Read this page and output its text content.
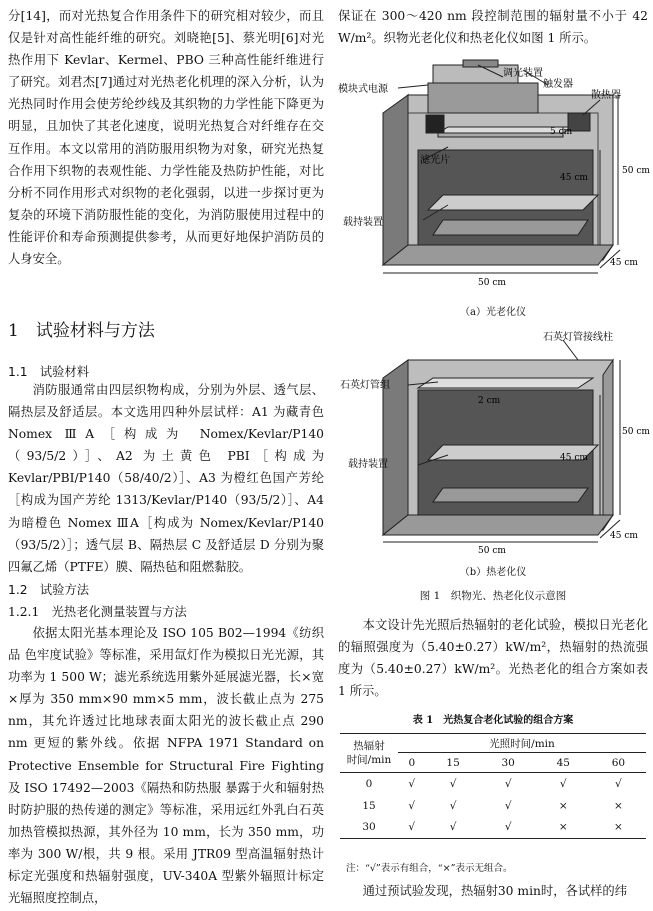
分[14]，而对光热复合作用条件下的研究相对较少，而且仅是针对高性能纤维的研究。刘晓艳[5]、蔡光明[6]对光热作用下 Kevlar、Kermel、PBO 三种高性能纤维进行了研究。刘君杰[7]通过对光热老化机理的深入分析，认为光热同时作用会使芳纶纱线及其织物的力学性能下降更为明显，且加快了其老化速度，说明光热复合对纤维存在交互作用。本文以常用的消防服用织物为对象，研究光热复合作用下织物的表观性能、力学性能及热防护性能，对比分析不同作用形式对织物的老化强弱，以进一步探讨更为复杂的环境下消防服性能的变化，为消防服使用过程中的性能评价和寿命预测提供参考，从而更好地保护消防员的人身安全。

1　试验材料与方法

1.1　试验材料

消防服通常由四层织物构成，分别为外层、透气层、隔热层及舒适层。本文选用四种外层试样：A1 为藏青色 Nomex ⅢA［构成为 Nomex/Kevlar/P140（93/5/2）］、A2 为土黄色 PBI［构成为 Kevlar/PBI/P140（58/40/2）］、A3 为橙红色国产芳纶［构成为国产芳纶 1313/Kevlar/P140（93/5/2）］、A4 为暗橙色 Nomex ⅢA［构成为 Nomex/Kevlar/P140（93/5/2）］；透气层 B、隔热层 C 及舒适层 D 分别为聚四氟乙烯（PTFE）膜、隔热毡和阻燃黏胶。

1.2　试验方法

1.2.1　光热老化测量装置与方法

依据太阳光基本理论及 ISO 105 B02—1994《纺织品 色牢度试验》等标准，采用氙灯作为模拟日光光源，其功率为 1 500 W；滤光系统选用紫外延展滤光器，长×宽×厚为 350 mm×90 mm×5 mm，波长截止点为 275 nm，其允许透过比地球表面太阳光的波长截止点 290 nm 更短的紫外线。依据 NFPA 1971 Standard on Protective Ensemble for Structural Fire Fighting 及 ISO 17492—2003《隔热和防热服 暴露于火和辐射热时防护服的热传递的测定》等标准，采用远红外乳白石英加热管模拟热源，其外径为 10 mm，长为 350 mm，功率为 300 W/根，共 9 根。采用 JTR09 型高温辐射热计标定光强度和热辐射强度，UV-340A 型紫外辐照计标定光辐照度控制点，

保证在 300～420 nm 段控制范围的辐射量不小于 42 W/m²。织物光老化仪和热老化仪如图 1 所示。

调光装置
触发器
模块式电源
散热器
5 cm
滤光片
45 cm
50 cm
载持装置
45 cm
50 cm
（a）光老化仪
石英灯管接线柱
石英灯管组
2 cm
50 cm
45 cm
载持装置
45 cm
50 cm
（b）热老化仪
图 1　织物光、热老化仪示意图

本文设计先光照后热辐射的老化试验，模拟日光老化的辐照强度为（5.40±0.27）kW/m²，热辐射的热流强度为（5.40±0.27）kW/m²。光热老化的组合方案如表 1 所示。

表 1　光热复合老化试验的组合方案
热辐射
时间/min	光照时间/min				
	0	15	30	45	60
0	√	√	√	√	√
15	√	√	√	×	×
30	√	√	√	×	×
注：“√”表示有组合，“×”表示无组合。

通过预试验发现，热辐射30 min时，各试样的纬
